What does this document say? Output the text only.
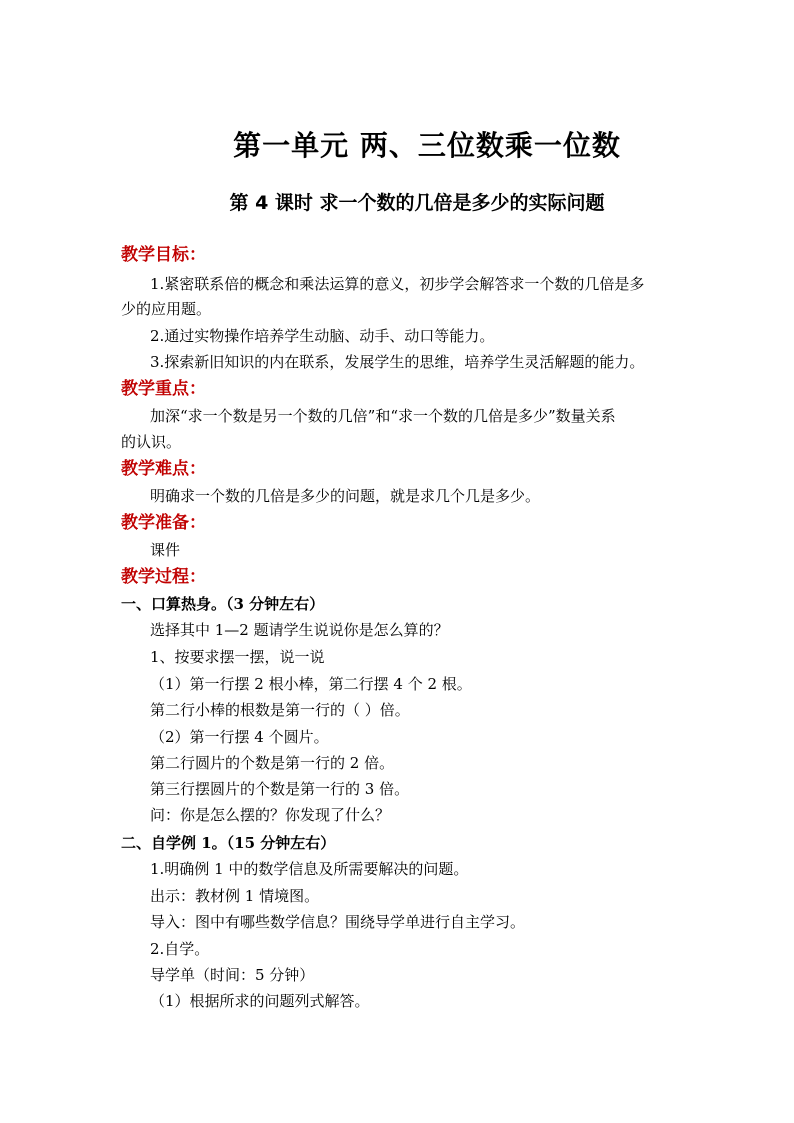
第一单元 两、三位数乘一位数
第 4 课时 求一个数的几倍是多少的实际问题
教学目标：
1.紧密联系倍的概念和乘法运算的意义，初步学会解答求一个数的几倍是多
少的应用题。
2.通过实物操作培养学生动脑、动手、动口等能力。
3.探索新旧知识的内在联系，发展学生的思维，培养学生灵活解题的能力。
教学重点：
加深“求一个数是另一个数的几倍”和“求一个数的几倍是多少”数量关系
的认识。
教学难点：
明确求一个数的几倍是多少的问题，就是求几个几是多少。
教学准备：
课件
教学过程：
一、口算热身。（3 分钟左右）
选择其中 1—2 题请学生说说你是怎么算的？
1、按要求摆一摆，说一说
（1）第一行摆 2 根小棒，第二行摆 4 个 2 根。
第二行小棒的根数是第一行的（ ）倍。
（2）第一行摆 4 个圆片。
第二行圆片的个数是第一行的 2 倍。
第三行摆圆片的个数是第一行的 3 倍。
问：你是怎么摆的？你发现了什么？
二、自学例 1。（15 分钟左右）
1.明确例 1 中的数学信息及所需要解决的问题。
出示：教材例 1 情境图。
导入：图中有哪些数学信息？围绕导学单进行自主学习。
2.自学。
导学单（时间：5 分钟）
（1）根据所求的问题列式解答。
